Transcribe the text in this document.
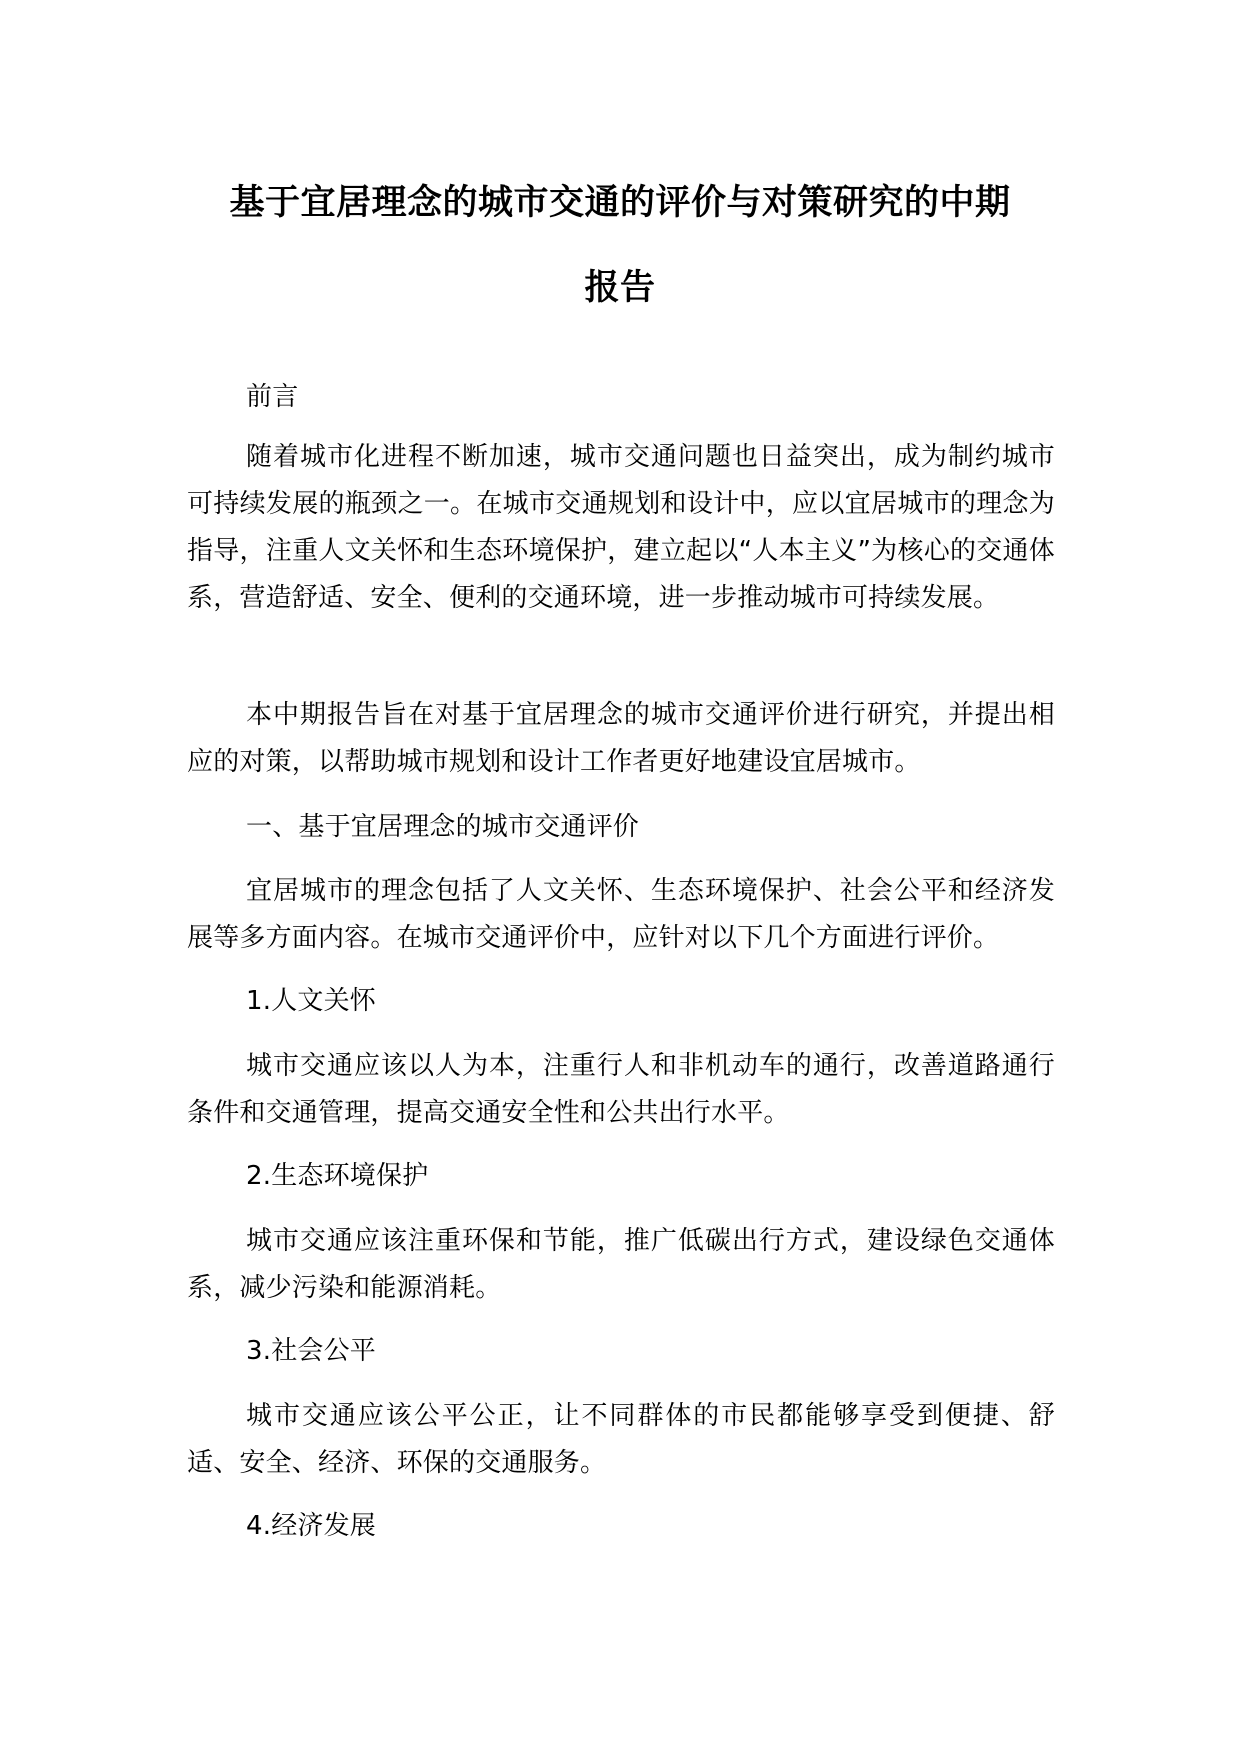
基于宜居理念的城市交通的评价与对策研究的中期
报告

前言

随着城市化进程不断加速，城市交通问题也日益突出，成为制约城市可持续发展的瓶颈之一。在城市交通规划和设计中，应以宜居城市的理念为指导，注重人文关怀和生态环境保护，建立起以“人本主义”为核心的交通体系，营造舒适、安全、便利的交通环境，进一步推动城市可持续发展。

本中期报告旨在对基于宜居理念的城市交通评价进行研究，并提出相应的对策，以帮助城市规划和设计工作者更好地建设宜居城市。

一、基于宜居理念的城市交通评价

宜居城市的理念包括了人文关怀、生态环境保护、社会公平和经济发展等多方面内容。在城市交通评价中，应针对以下几个方面进行评价。

1.人文关怀

城市交通应该以人为本，注重行人和非机动车的通行，改善道路通行条件和交通管理，提高交通安全性和公共出行水平。

2.生态环境保护

城市交通应该注重环保和节能，推广低碳出行方式，建设绿色交通体系，减少污染和能源消耗。

3.社会公平

城市交通应该公平公正，让不同群体的市民都能够享受到便捷、舒适、安全、经济、环保的交通服务。

4.经济发展
